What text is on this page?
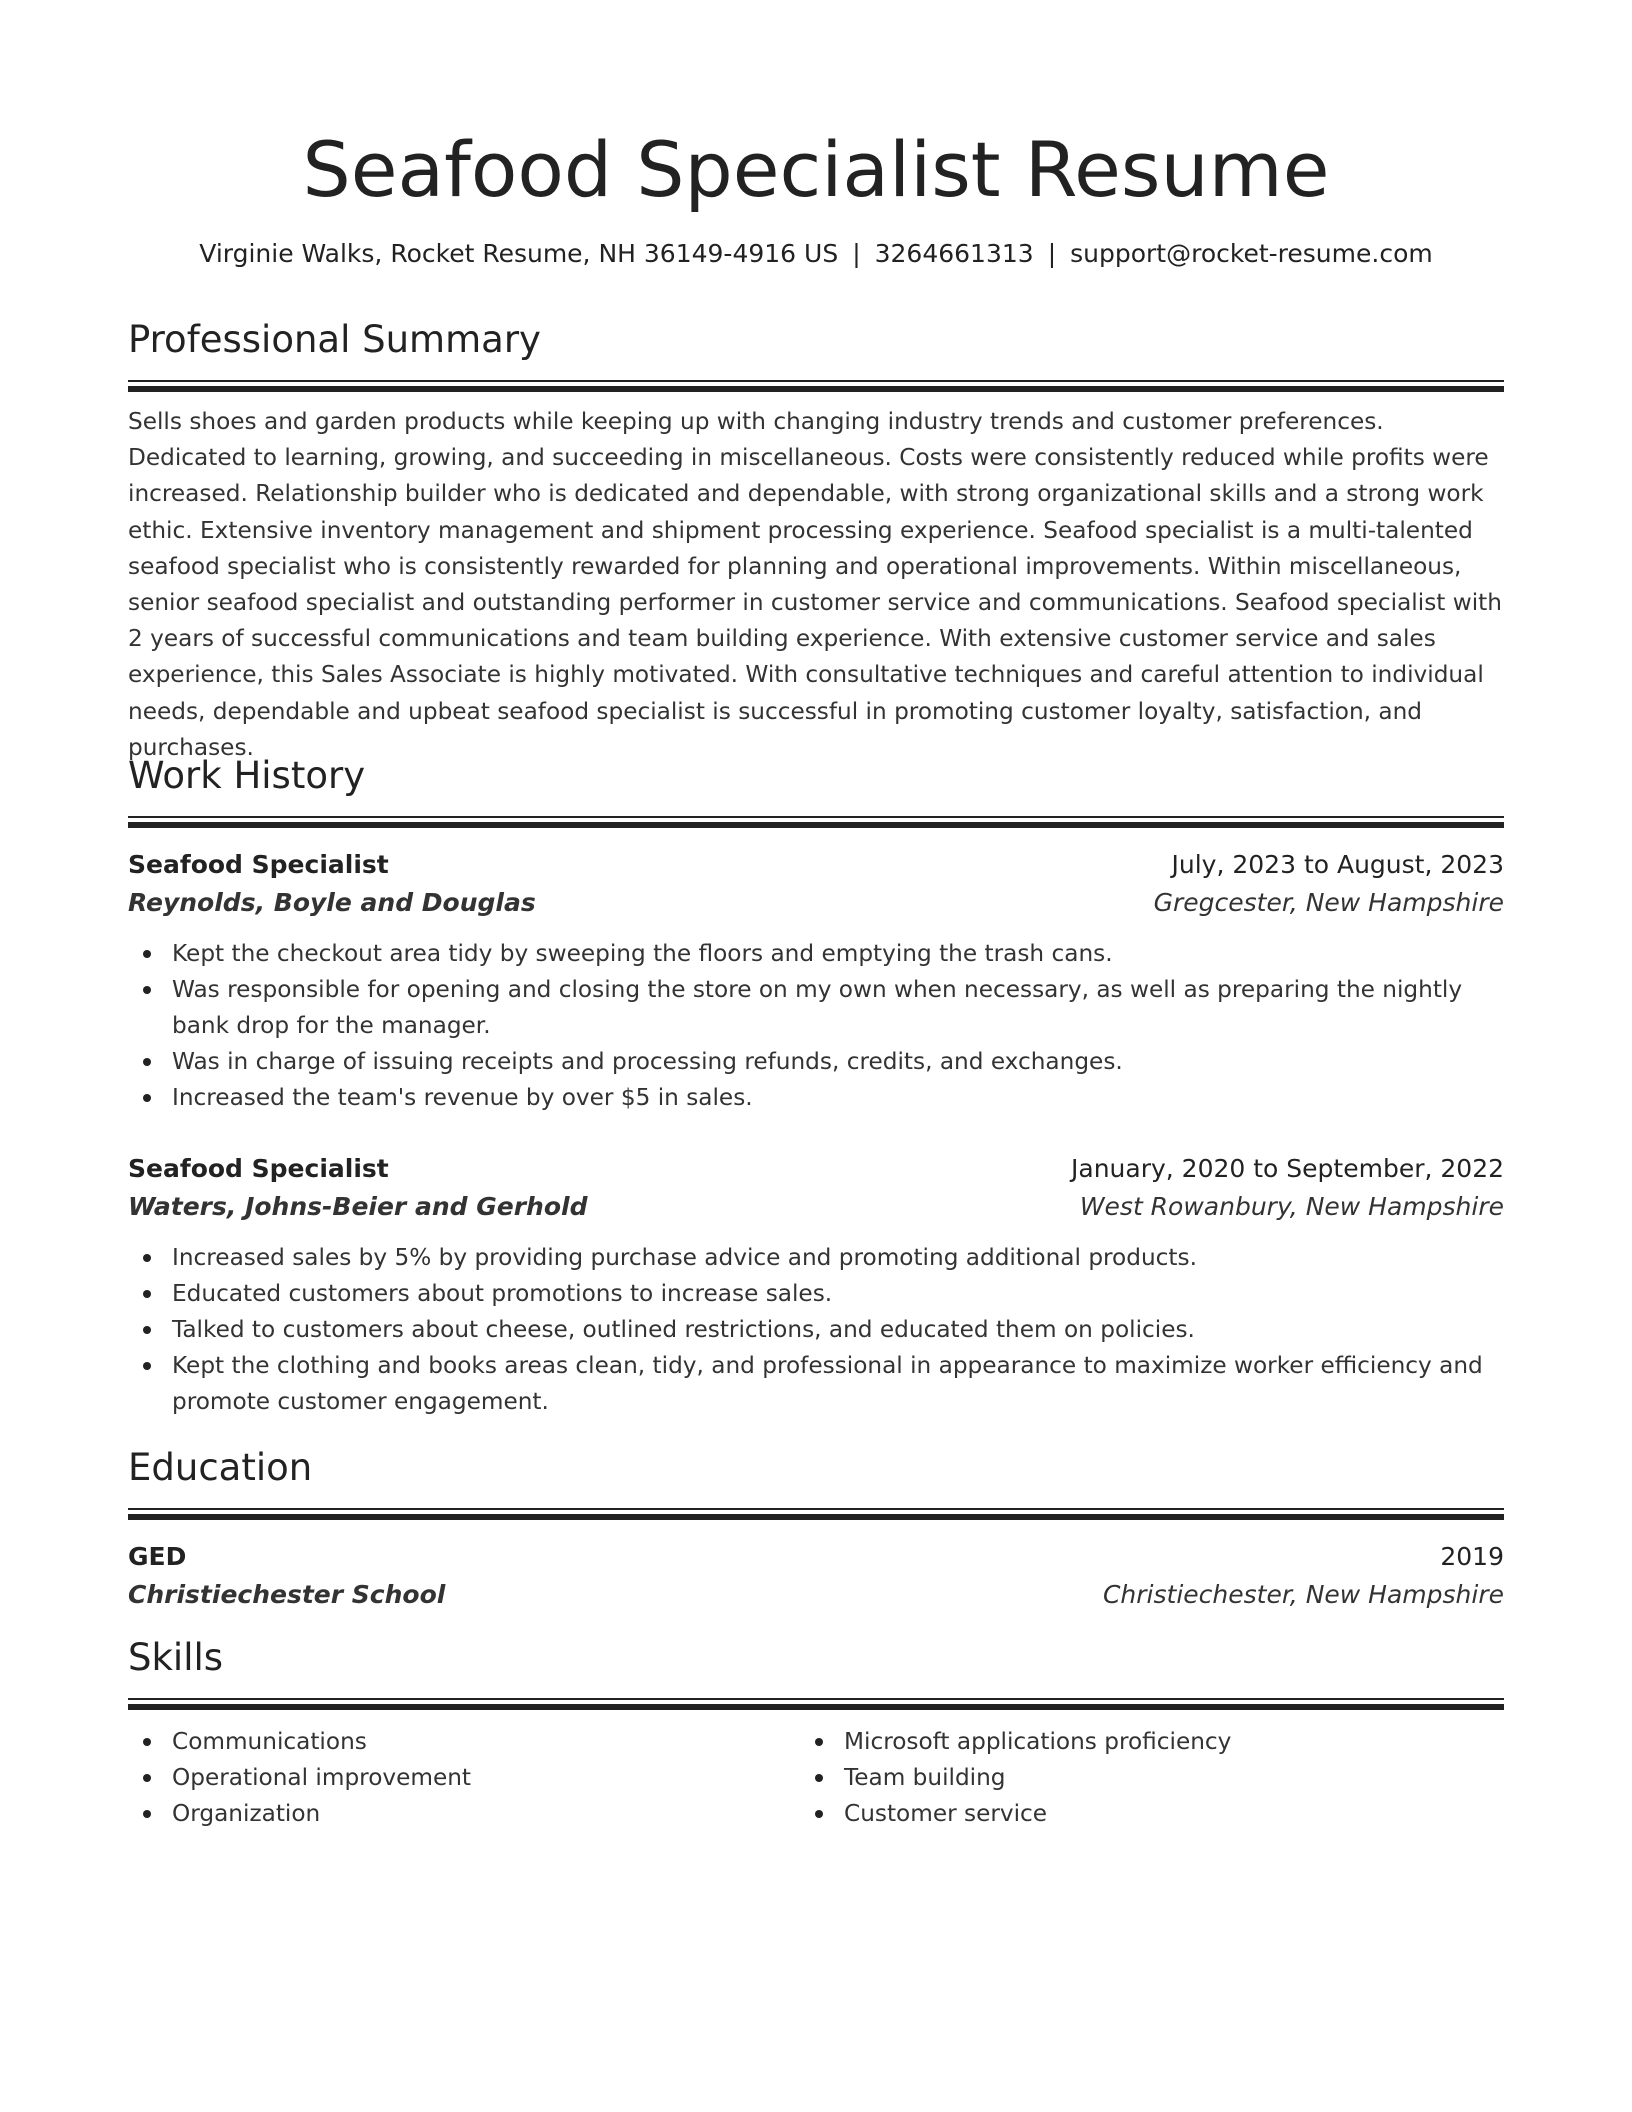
Seafood Specialist Resume
Virginie Walks, Rocket Resume, NH 36149-4916 US | 3264661313 | support@rocket-resume.com
Professional Summary
Sells shoes and garden products while keeping up with changing industry trends and customer preferences. Dedicated to learning, growing, and succeeding in miscellaneous. Costs were consistently reduced while profits were increased. Relationship builder who is dedicated and dependable, with strong organizational skills and a strong work ethic. Extensive inventory management and shipment processing experience. Seafood specialist is a multi-talented seafood specialist who is consistently rewarded for planning and operational improvements. Within miscellaneous, senior seafood specialist and outstanding performer in customer service and communications. Seafood specialist with 2 years of successful communications and team building experience. With extensive customer service and sales experience, this Sales Associate is highly motivated. With consultative techniques and careful attention to individual needs, dependable and upbeat seafood specialist is successful in promoting customer loyalty, satisfaction, and purchases.
Work History
Seafood Specialist	July, 2023 to August, 2023
Reynolds, Boyle and Douglas	Gregcester, New Hampshire
Kept the checkout area tidy by sweeping the floors and emptying the trash cans.
Was responsible for opening and closing the store on my own when necessary, as well as preparing the nightly bank drop for the manager.
Was in charge of issuing receipts and processing refunds, credits, and exchanges.
Increased the team's revenue by over $5 in sales.
Seafood Specialist	January, 2020 to September, 2022
Waters, Johns-Beier and Gerhold	West Rowanbury, New Hampshire
Increased sales by 5% by providing purchase advice and promoting additional products.
Educated customers about promotions to increase sales.
Talked to customers about cheese, outlined restrictions, and educated them on policies.
Kept the clothing and books areas clean, tidy, and professional in appearance to maximize worker efficiency and promote customer engagement.
Education
GED	2019
Christiechester School	Christiechester, New Hampshire
Skills
Communications
Operational improvement
Organization
Microsoft applications proficiency
Team building
Customer service
